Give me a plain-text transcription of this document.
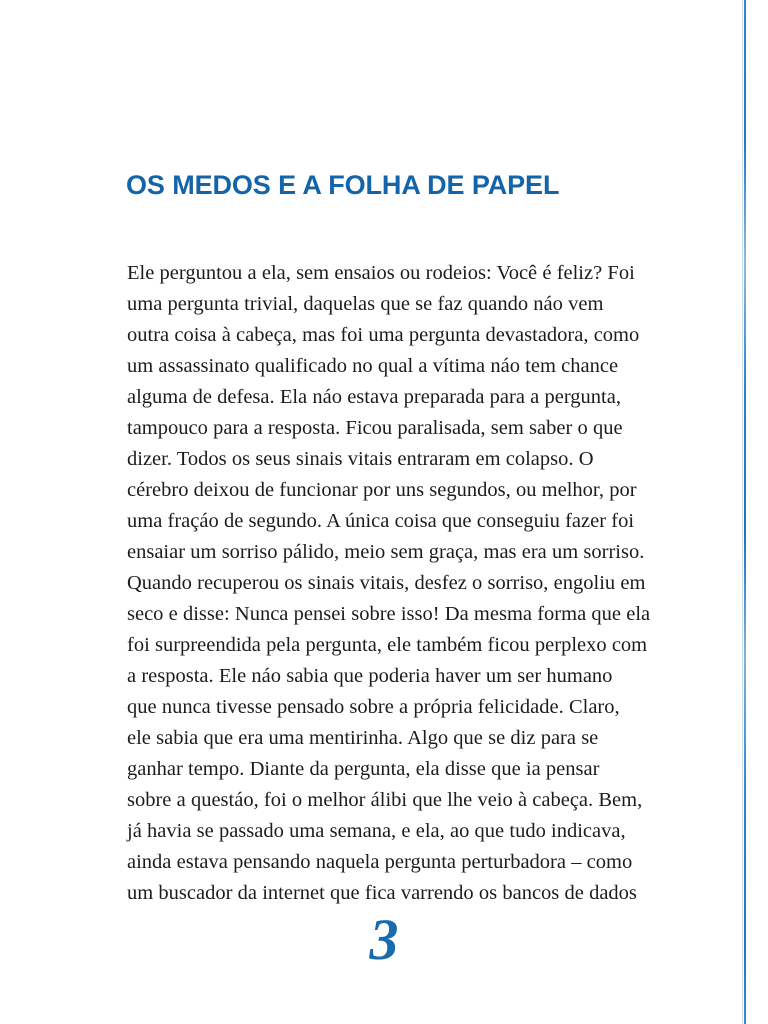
OS MEDOS E A FOLHA DE PAPEL
Ele perguntou a ela, sem ensaios ou rodeios: Você é feliz? Foi
uma pergunta trivial, daquelas que se faz quando náo vem
outra coisa à cabeça, mas foi uma pergunta devastadora, como
um assassinato qualificado no qual a vítima náo tem chance
alguma de defesa. Ela náo estava preparada para a pergunta,
tampouco para a resposta. Ficou paralisada, sem saber o que
dizer. Todos os seus sinais vitais entraram em colapso. O
cérebro deixou de funcionar por uns segundos, ou melhor, por
uma fraçáo de segundo. A única coisa que conseguiu fazer foi
ensaiar um sorriso pálido, meio sem graça, mas era um sorriso.
Quando recuperou os sinais vitais, desfez o sorriso, engoliu em
seco e disse: Nunca pensei sobre isso! Da mesma forma que ela
foi surpreendida pela pergunta, ele também ficou perplexo com
a resposta. Ele náo sabia que poderia haver um ser humano
que nunca tivesse pensado sobre a própria felicidade. Claro,
ele sabia que era uma mentirinha. Algo que se diz para se
ganhar tempo. Diante da pergunta, ela disse que ia pensar
sobre a questáo, foi o melhor álibi que lhe veio à cabeça. Bem,
já havia se passado uma semana, e ela, ao que tudo indicava,
ainda estava pensando naquela pergunta perturbadora – como
um buscador da internet que fica varrendo os bancos de dados
3
